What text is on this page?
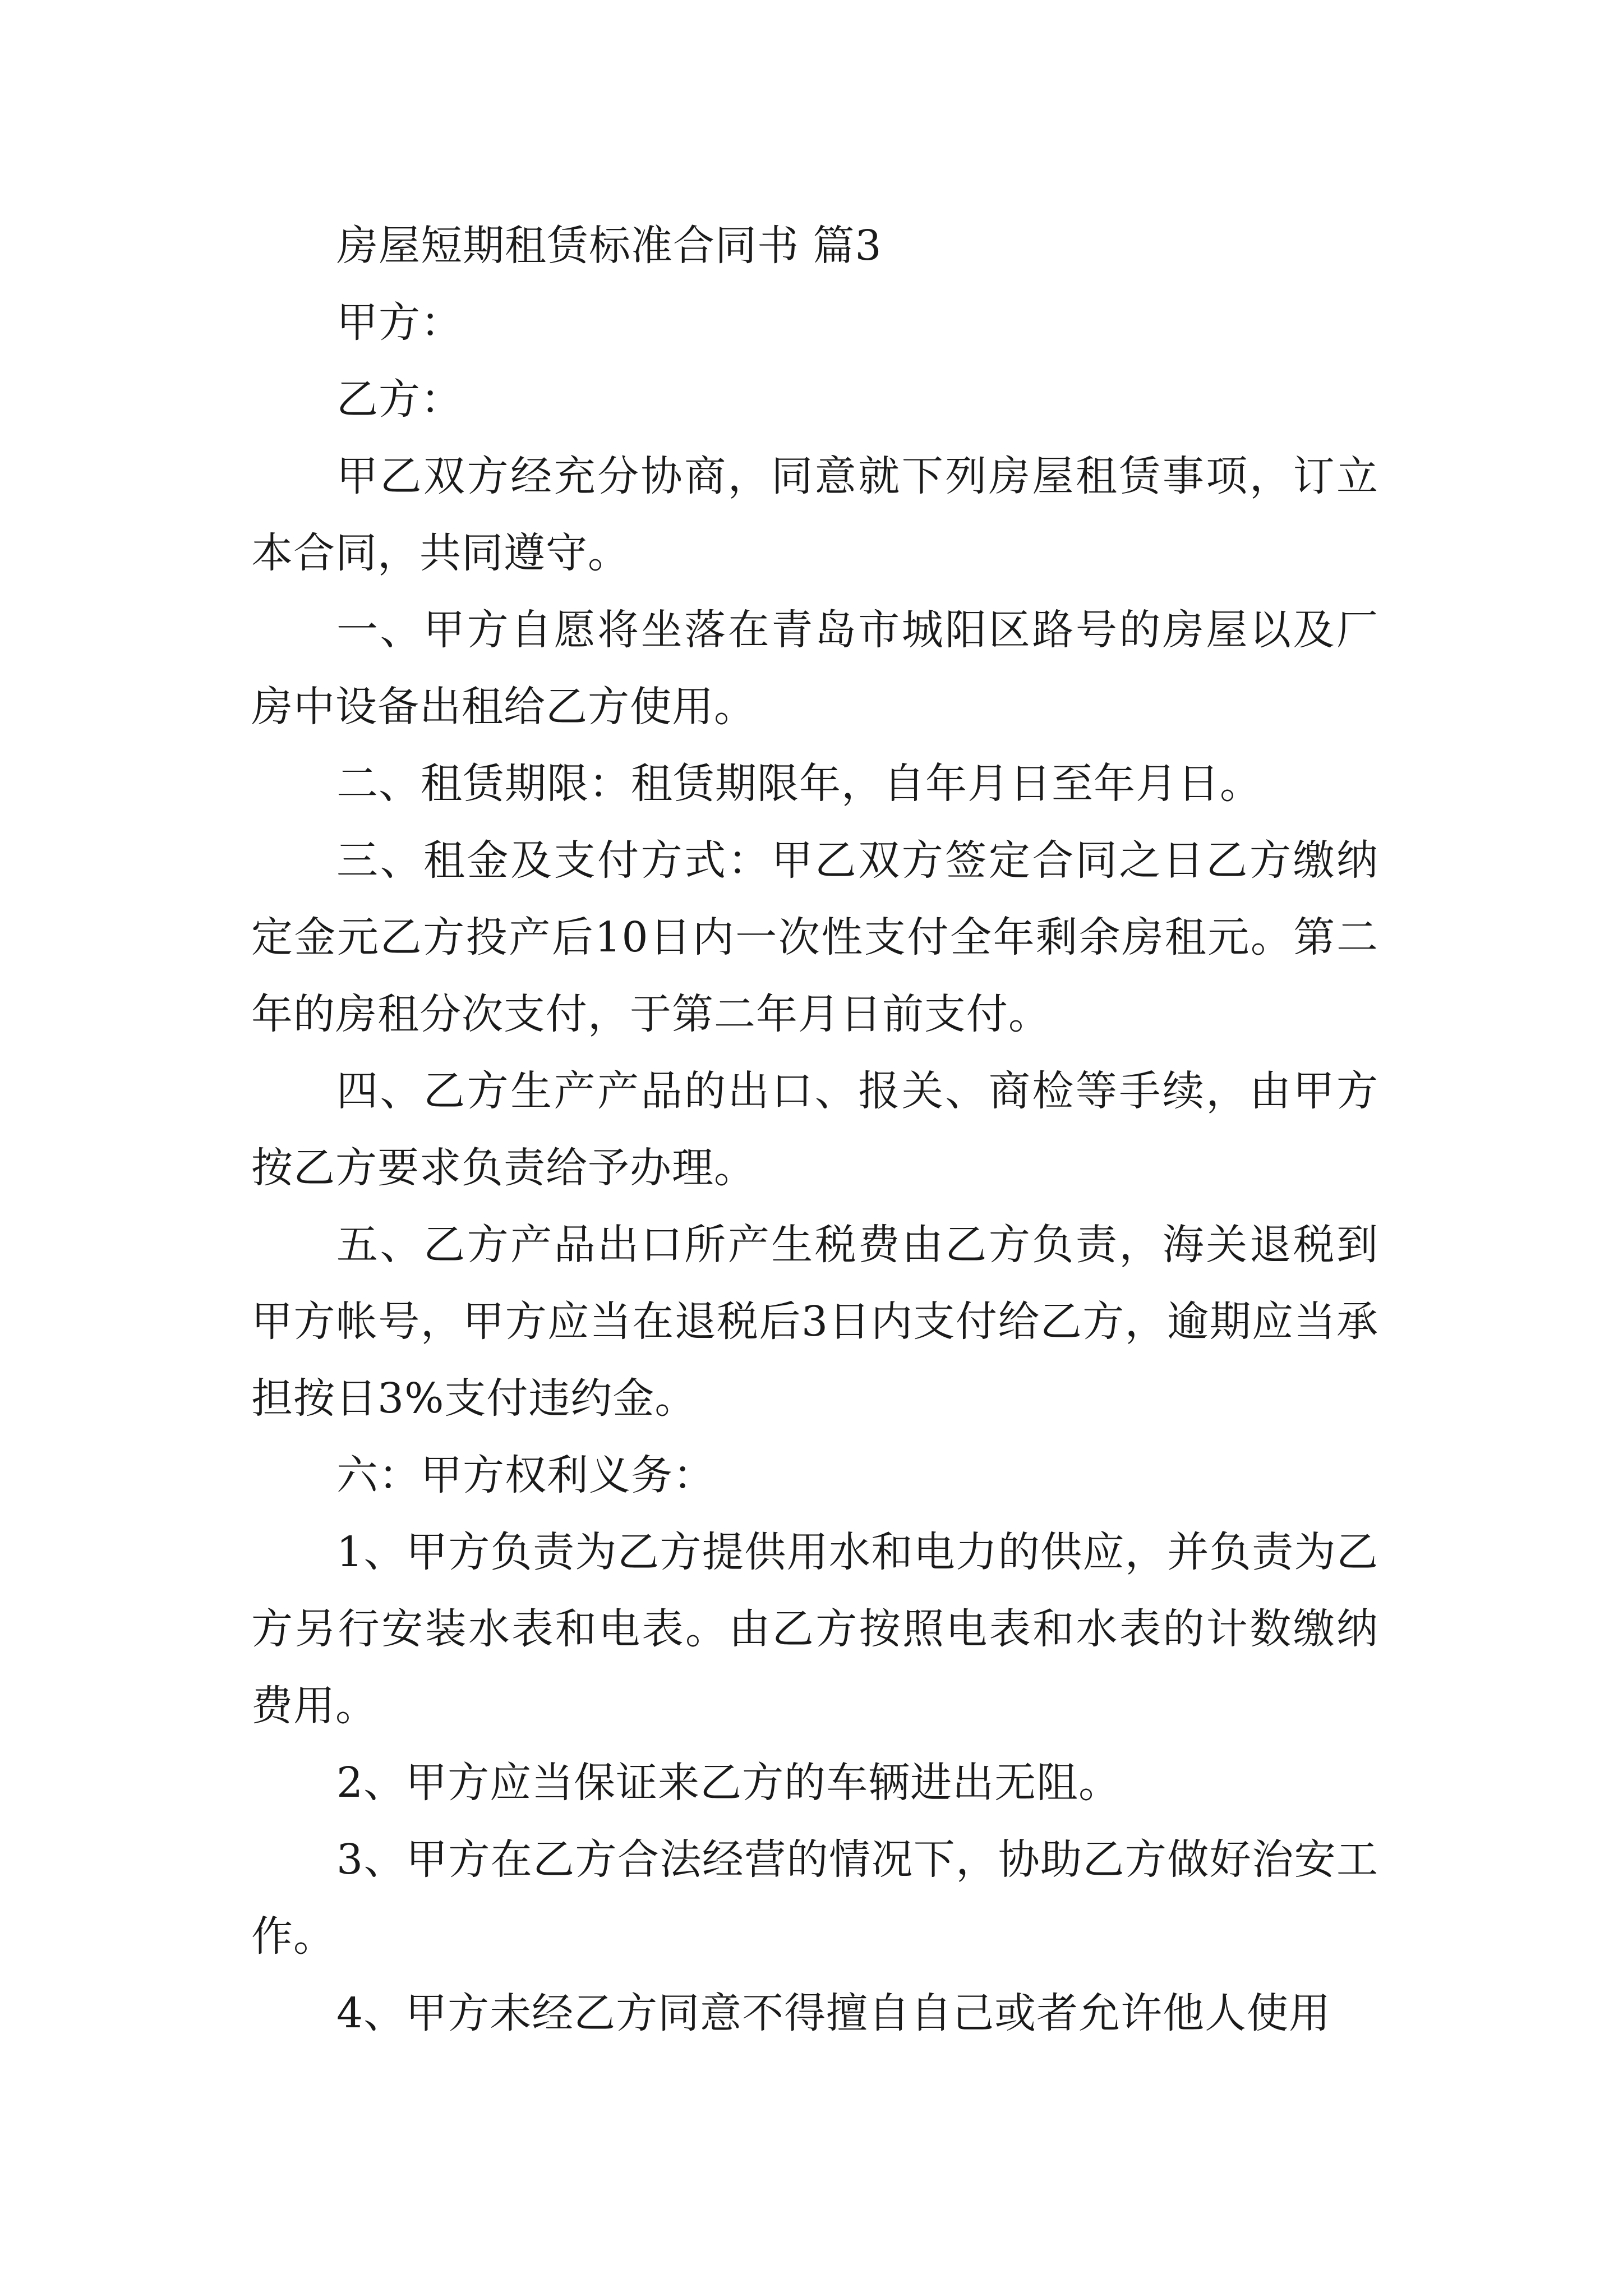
房屋短期租赁标准合同书 篇3

甲方：

乙方：

甲乙双方经充分协商，同意就下列房屋租赁事项，订立本合同，共同遵守。

一、甲方自愿将坐落在青岛市城阳区路号的房屋以及厂房中设备出租给乙方使用。

二、租赁期限：租赁期限年，自年月日至年月日。

三、租金及支付方式：甲乙双方签定合同之日乙方缴纳定金元乙方投产后10日内一次性支付全年剩余房租元。第二年的房租分次支付，于第二年月日前支付。

四、乙方生产产品的出口、报关、商检等手续，由甲方按乙方要求负责给予办理。

五、乙方产品出口所产生税费由乙方负责，海关退税到甲方帐号，甲方应当在退税后3日内支付给乙方，逾期应当承担按日3%支付违约金。

六：甲方权利义务：

1、甲方负责为乙方提供用水和电力的供应，并负责为乙方另行安装水表和电表。由乙方按照电表和水表的计数缴纳费用。

2、甲方应当保证来乙方的车辆进出无阻。

3、甲方在乙方合法经营的情况下，协助乙方做好治安工作。

4、甲方未经乙方同意不得擅自自己或者允许他人使用
